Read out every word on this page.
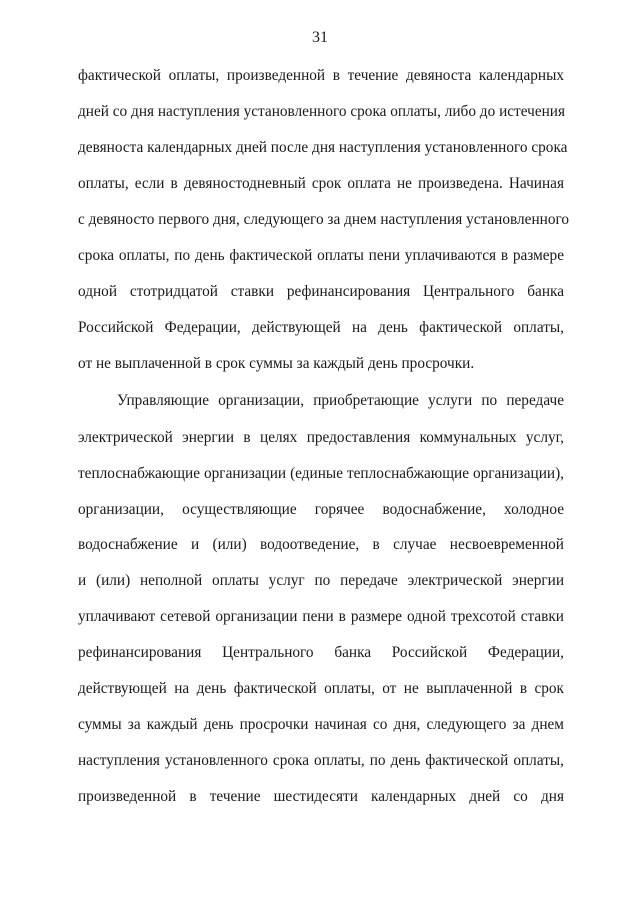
31
фактической оплаты, произведенной в течение девяноста календарных
дней со дня наступления установленного срока оплаты, либо до истечения
девяноста календарных дней после дня наступления установленного срока
оплаты, если в девяностодневный срок оплата не произведена. Начиная
с девяносто первого дня, следующего за днем наступления установленного
срока оплаты, по день фактической оплаты пени уплачиваются в размере
одной стотридцатой ставки рефинансирования Центрального банка
Российской Федерации, действующей на день фактической оплаты,
от не выплаченной в срок суммы за каждый день просрочки.
Управляющие организации, приобретающие услуги по передаче
электрической энергии в целях предоставления коммунальных услуг,
теплоснабжающие организации (единые теплоснабжающие организации),
организации, осуществляющие горячее водоснабжение, холодное
водоснабжение и (или) водоотведение, в случае несвоевременной
и (или) неполной оплаты услуг по передаче электрической энергии
уплачивают сетевой организации пени в размере одной трехсотой ставки
рефинансирования Центрального банка Российской Федерации,
действующей на день фактической оплаты, от не выплаченной в срок
суммы за каждый день просрочки начиная со дня, следующего за днем
наступления установленного срока оплаты, по день фактической оплаты,
произведенной в течение шестидесяти календарных дней со дня
